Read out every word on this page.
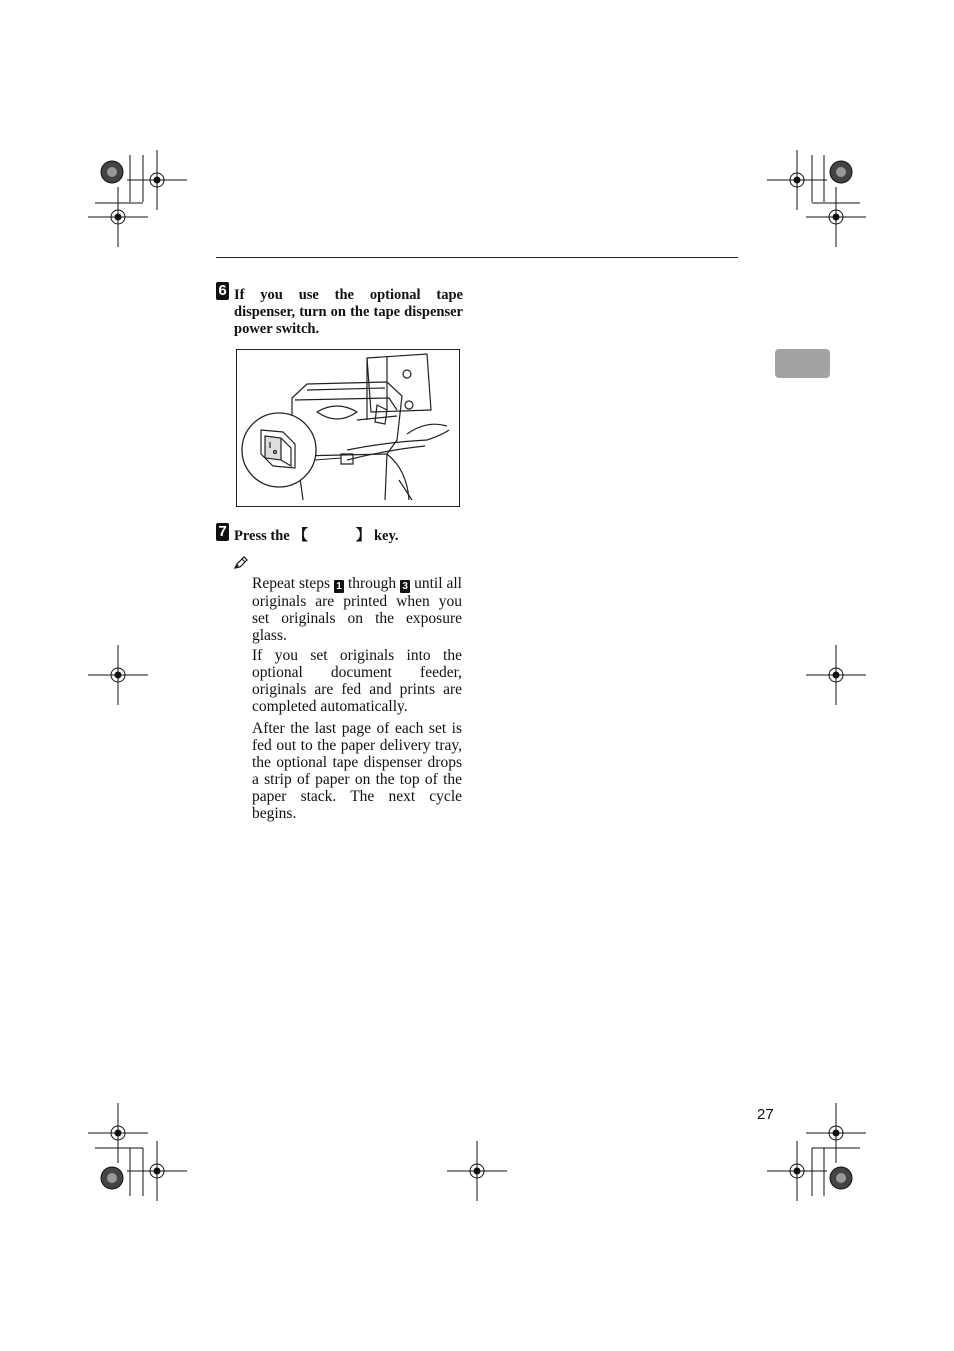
6 If you use the optional tape dispenser, turn on the tape dispenser power switch.
7 Press the 【	】 key.
Repeat steps 1 through 3 until all originals are printed when you set originals on the exposure glass.
If you set originals into the optional document feeder, originals are fed and prints are completed automatically.
After the last page of each set is fed out to the paper delivery tray, the optional tape dispenser drops a strip of paper on the top of the paper stack. The next cycle begins.
27
